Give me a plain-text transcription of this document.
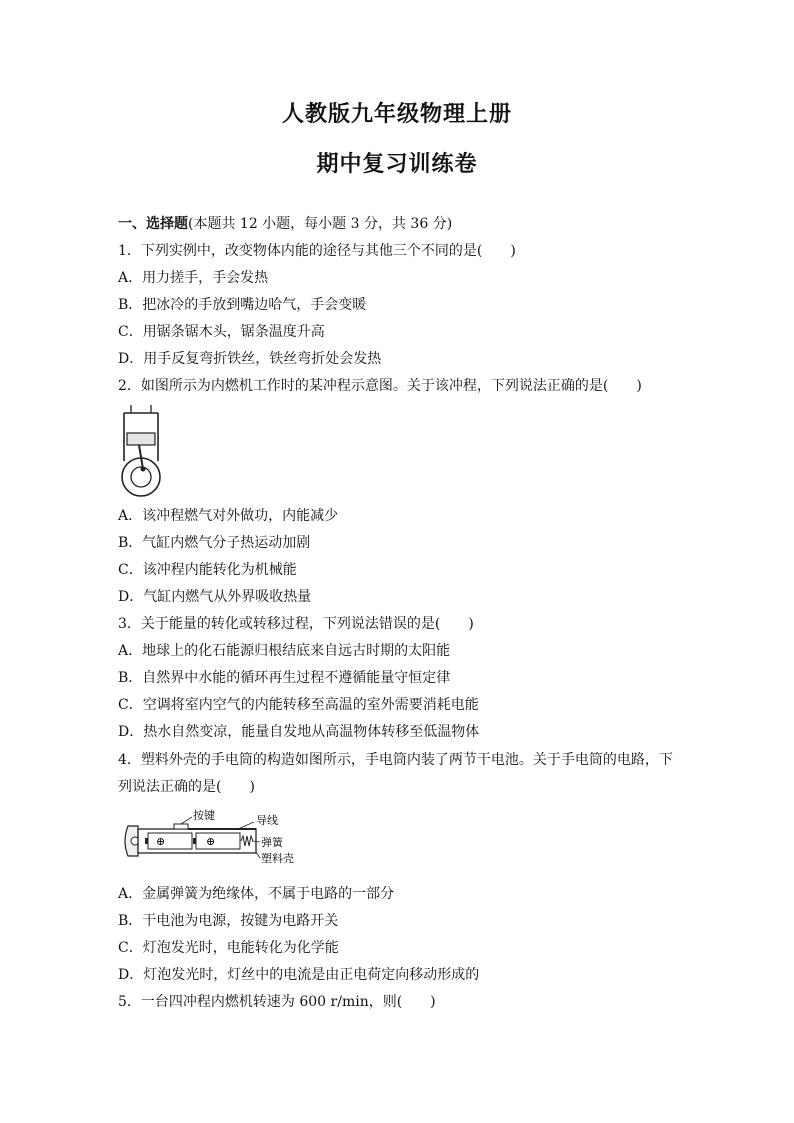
人教版九年级物理上册
期中复习训练卷
一、选择题(本题共 12 小题，每小题 3 分，共 36 分)
1．下列实例中，改变物体内能的途径与其他三个不同的是(　　)
A．用力搓手，手会发热
B．把冰冷的手放到嘴边哈气，手会变暖
C．用锯条锯木头，锯条温度升高
D．用手反复弯折铁丝，铁丝弯折处会发热
2．如图所示为内燃机工作时的某冲程示意图。关于该冲程，下列说法正确的是(　　)
A．该冲程燃气对外做功，内能减少
B．气缸内燃气分子热运动加剧
C．该冲程内能转化为机械能
D．气缸内燃气从外界吸收热量
3．关于能量的转化或转移过程，下列说法错误的是(　　)
A．地球上的化石能源归根结底来自远古时期的太阳能
B．自然界中水能的循环再生过程不遵循能量守恒定律
C．空调将室内空气的内能转移至高温的室外需要消耗电能
D．热水自然变凉，能量自发地从高温物体转移至低温物体
4．塑料外壳的手电筒的构造如图所示，手电筒内装了两节干电池。关于手电筒的电路，下
列说法正确的是(　　)
⊕	⊕
按键	导线
弹簧
塑料壳
A．金属弹簧为绝缘体，不属于电路的一部分
B．干电池为电源，按键为电路开关
C．灯泡发光时，电能转化为化学能
D．灯泡发光时，灯丝中的电流是由正电荷定向移动形成的
5．一台四冲程内燃机转速为 600 r/min，则(　　)
